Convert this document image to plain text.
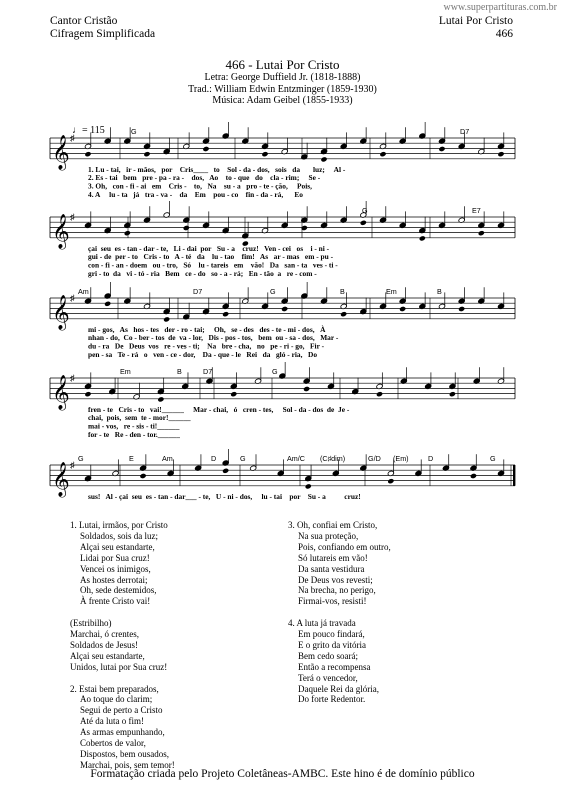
www.superpartituras.com.br
Cantor Cristão
Cifragem Simplificada
Lutai Por Cristo
466
466 - Lutai Por Cristo
Letra: George Duffield Jr. (1818-1888)
Trad.: William Edwin Entzminger (1859-1930)
Música: Adam Geibel (1855-1933)
♩= 115
𝄞 ♯
G	D7
1. Lu - tai,   ir - mãos,   por    Cris____   to    Sol - da - dos,   sois   da       luz;     Al -
2. Es - tai   bem   pre - pa - ra -    dos,   Ao    to - que   do    cla - rim;     Se -
3. Oh,   con - fi - ai   em    Cris -    to,   Na    su - a   pro - te - ção,     Pois,
4. A     lu - ta   já   tra - va -    da    Em    pou - co    fin - da - rá,      Eo
𝄞 ♯
G	E7
çai  seu  es - tan - dar - te,   Li - dai  por   Su - a    cruz!   Ven - cei   os    i - ni -
gui - de  per - to   Cris - to   A - té   da    lu - tao    fim!   As   ar - mas   em - pu -
con - fi - an - doem   ou - tro,   Só    lu - tareis   em    vão!   Da   san - ta   ves - ti -
gri - to  da   vi - tó - ria   Bem   ce - do   so - a - rá;   En - tão  a   re - com -
𝄞 ♯
Am	D7	G	B	Em	B
mi - gos,   As   hos - tes   der - ro - tai;     Oh,   se - des   des - te - mi - dos,   À
nhan - do,  Co - ber - tos  de  va - lor,   Dis - pos - tos,   bem  ou - sa - dos,   Mar -
du - ra   De   Deus  vos   re - ves - ti;    Na   bre - cha,   no   pe - ri - go,   Fir -
pen - sa   Te - rá   o   ven - ce - dor,    Da - que - le   Rei   da   gló - ria,   Do
𝄞 ♯
Em	B	D7	G
fren - te   Cris - to   vai!______     Mar - chai,   ó   cren - tes,     Sol - da - dos  de  Je -
chai,  pois,  sem  te - mor!______
mai - vos,   re - sis - ti!______
for - te   Re - den - tor.______
𝄞 ♯
G	E	Am	D	G	Am/C (C♯dim)	G/D (Em)	D	G
sus!   Al - çai  seu  es - tan - dar___ - te,   U - ni - dos,     lu - tai    por    Su - a          cruz!
1. Lutai, irmãos, por Cristo
Soldados, sois da luz;
Alçai seu estandarte,
Lidai por Sua cruz!
Vencei os inimigos,
As hostes derrotai;
Oh, sede destemidos,
À frente Cristo vai!
(Estribilho)
Marchai, ó crentes,
Soldados de Jesus!
Alçai seu estandarte,
Unidos, lutai por Sua cruz!
2. Estai bem preparados,
Ao toque do clarim;
Segui de perto a Cristo
Até da luta o fim!
As armas empunhando,
Cobertos de valor,
Dispostos, bem ousados,
Marchai, pois, sem temor!
3. Oh, confiai em Cristo,
Na sua proteção,
Pois, confiando em outro,
Só lutareis em vão!
Da santa vestidura
De Deus vos revesti;
Na brecha, no perigo,
Firmai-vos, resisti!
4. A luta já travada
Em pouco findará,
E o grito da vitória
Bem cedo soará;
Então a recompensa
Terá o vencedor,
Daquele Rei da glória,
Do forte Redentor.
Formatação criada pelo Projeto Coletâneas-AMBC. Este hino é de domínio público
